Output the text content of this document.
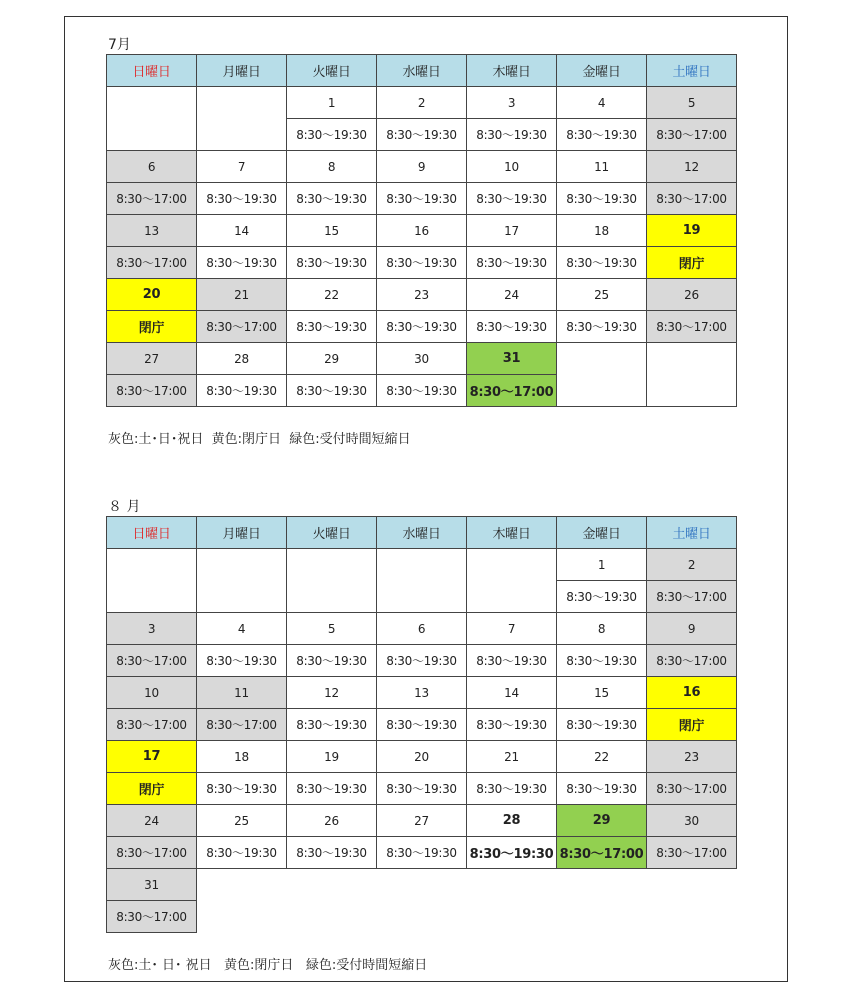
7月
日曜日	月曜日	火曜日	水曜日	木曜日	金曜日	土曜日
		1	2	3	4	5
		8:30〜19:30	8:30〜19:30	8:30〜19:30	8:30〜19:30	8:30〜17:00
6	7	8	9	10	11	12
8:30〜17:00	8:30〜19:30	8:30〜19:30	8:30〜19:30	8:30〜19:30	8:30〜19:30	8:30〜17:00
13	14	15	16	17	18	19
8:30〜17:00	8:30〜19:30	8:30〜19:30	8:30〜19:30	8:30〜19:30	8:30〜19:30	閉庁
20	21	22	23	24	25	26
閉庁	8:30〜17:00	8:30〜19:30	8:30〜19:30	8:30〜19:30	8:30〜19:30	8:30〜17:00
27	28	29	30	31		
8:30〜17:00	8:30〜19:30	8:30〜19:30	8:30〜19:30	8:30〜17:00		
灰色:土･日･祝日  黄色:閉庁日  緑色:受付時間短縮日
８ 月
日曜日	月曜日	火曜日	水曜日	木曜日	金曜日	土曜日
					1	2
					8:30〜19:30	8:30〜17:00
3	4	5	6	7	8	9
8:30〜17:00	8:30〜19:30	8:30〜19:30	8:30〜19:30	8:30〜19:30	8:30〜19:30	8:30〜17:00
10	11	12	13	14	15	16
8:30〜17:00	8:30〜17:00	8:30〜19:30	8:30〜19:30	8:30〜19:30	8:30〜19:30	閉庁
17	18	19	20	21	22	23
閉庁	8:30〜19:30	8:30〜19:30	8:30〜19:30	8:30〜19:30	8:30〜19:30	8:30〜17:00
24	25	26	27	28	29	30
8:30〜17:00	8:30〜19:30	8:30〜19:30	8:30〜19:30	8:30〜19:30	8:30〜17:00	8:30〜17:00
31						
8:30〜17:00						
灰色:土･ 日･ 祝日   黄色:閉庁日   緑色:受付時間短縮日
